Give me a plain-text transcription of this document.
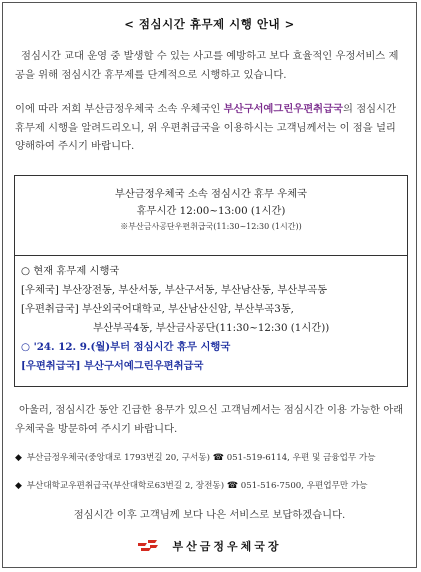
< 점심시간 휴무제 시행 안내 >
점심시간 교대 운영 중 발생할 수 있는 사고를 예방하고 보다 효율적인 우정서비스 제공을 위해 점심시간 휴무제를 단계적으로 시행하고 있습니다.
이에 따라 저희 부산금정우체국 소속 우체국인 부산구서예그린우편취급국의 점심시간 휴무제 시행을 알려드리오니, 위 우편취급국을 이용하시는 고객님께서는 이 점을 널리 양해하여 주시기 바랍니다.
부산금정우체국 소속 점심시간 휴무 우체국
휴무시간 12:00~13:00 (1시간)
※부산금사공단우편취급국(11:30~12:30 (1시간))
○ 현재 휴무제 시행국
[우체국] 부산장전동, 부산서동, 부산구서동, 부산남산동, 부산부곡동
[우편취급국] 부산외국어대학교, 부산남산신암, 부산부곡3동,
부산부곡4동, 부산금사공단(11:30~12:30 (1시간))
○ '24. 12. 9.(월)부터 점심시간 휴무 시행국
[우편취급국] 부산구서예그린우편취급국
아울러, 점심시간 동안 긴급한 용무가 있으신 고객님께서는 점심시간 이용 가능한 아래 우체국을 방문하여 주시기 바랍니다.
◆ 부산금정우체국(중앙대로 1793번길 20, 구서동) ☎ 051-519-6114, 우편 및 금융업무 가능
◆ 부산대학교우편취급국(부산대학로63번길 2, 장전동) ☎ 051-516-7500, 우편업무만 가능
점심시간 이후 고객님께 보다 나은 서비스로 보답하겠습니다.
부산금정우체국장
